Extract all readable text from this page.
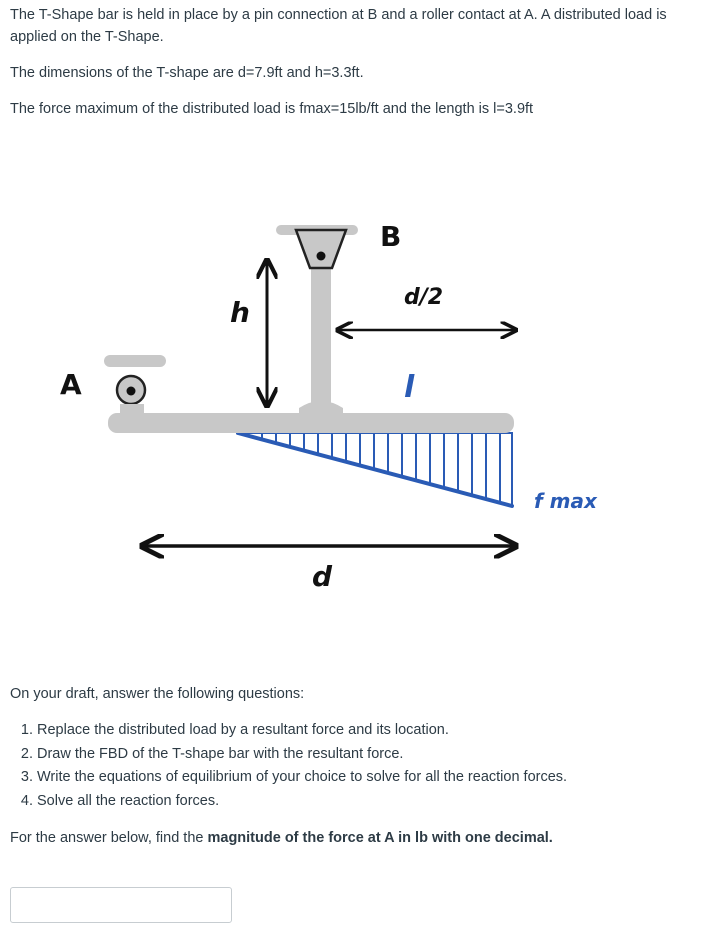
The T-Shape bar is held in place by a pin connection at B and a roller contact at A. A distributed load is applied on the T-Shape.

The dimensions of the T-shape are d=7.9ft and h=3.3ft.

The force maximum of the distributed load is fmax=15lb/ft and the length is l=3.9ft

B
A
h	d/2
l
d
f max

On your draft, answer the following questions:

1. Replace the distributed load by a resultant force and its location.
2. Draw the FBD of the T-shape bar with the resultant force.
3. Write the equations of equilibrium of your choice to solve for all the reaction forces.
4. Solve all the reaction forces.

For the answer below, find the magnitude of the force at A in lb with one decimal.
